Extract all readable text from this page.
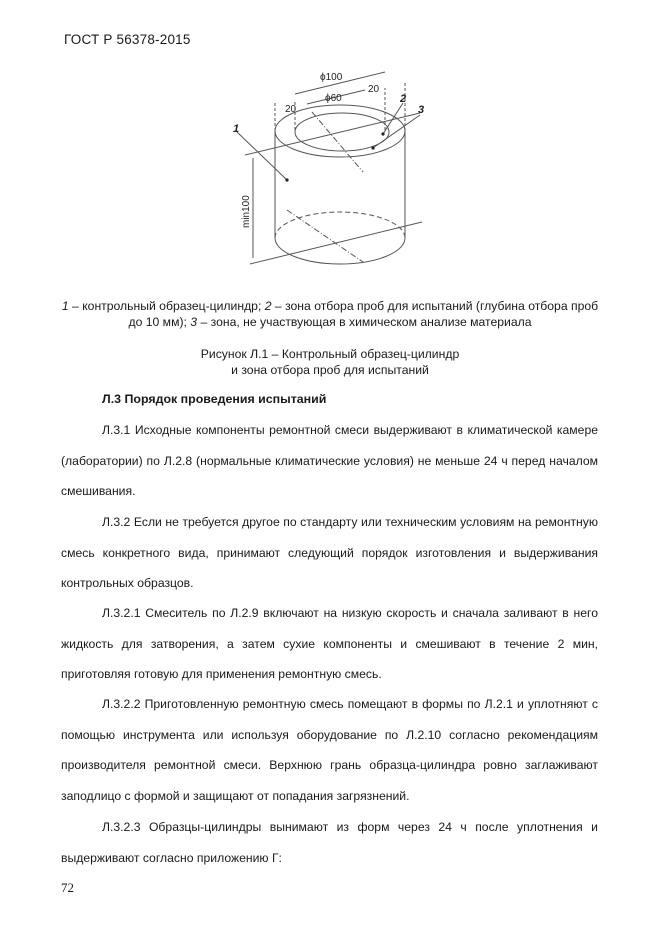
ГОСТ Р 56378-2015
ϕ100
ϕ60
20
20
min100
1
2
3
1 – контрольный образец-цилиндр; 2 – зона отбора проб для испытаний (глубина отбора проб до 10 мм); 3 – зона, не участвующая в химическом анализе материала
Рисунок Л.1 – Контрольный образец-цилиндр
и зона отбора проб для испытаний
Л.3 Порядок проведения испытаний
Л.3.1 Исходные компоненты ремонтной смеси выдерживают в климатической камере (лаборатории) по Л.2.8 (нормальные климатические условия) не меньше 24 ч перед началом смешивания.
Л.3.2 Если не требуется другое по стандарту или техническим условиям на ремонтную смесь конкретного вида, принимают следующий порядок изготовления и выдерживания контрольных образцов.
Л.3.2.1 Смеситель по Л.2.9 включают на низкую скорость и сначала заливают в него жидкость для затворения, а затем сухие компоненты и смешивают в течение 2 мин, приготовляя готовую для применения ремонтную смесь.
Л.3.2.2 Приготовленную ремонтную смесь помещают в формы по Л.2.1 и уплотняют с помощью инструмента или используя оборудование по Л.2.10 согласно рекомендациям производителя ремонтной смеси. Верхнюю грань образца-цилиндра ровно заглаживают заподлицо с формой и защищают от попадания загрязнений.
Л.3.2.3 Образцы-цилиндры вынимают из форм через 24 ч после уплотнения и выдерживают согласно приложению Г:
72
